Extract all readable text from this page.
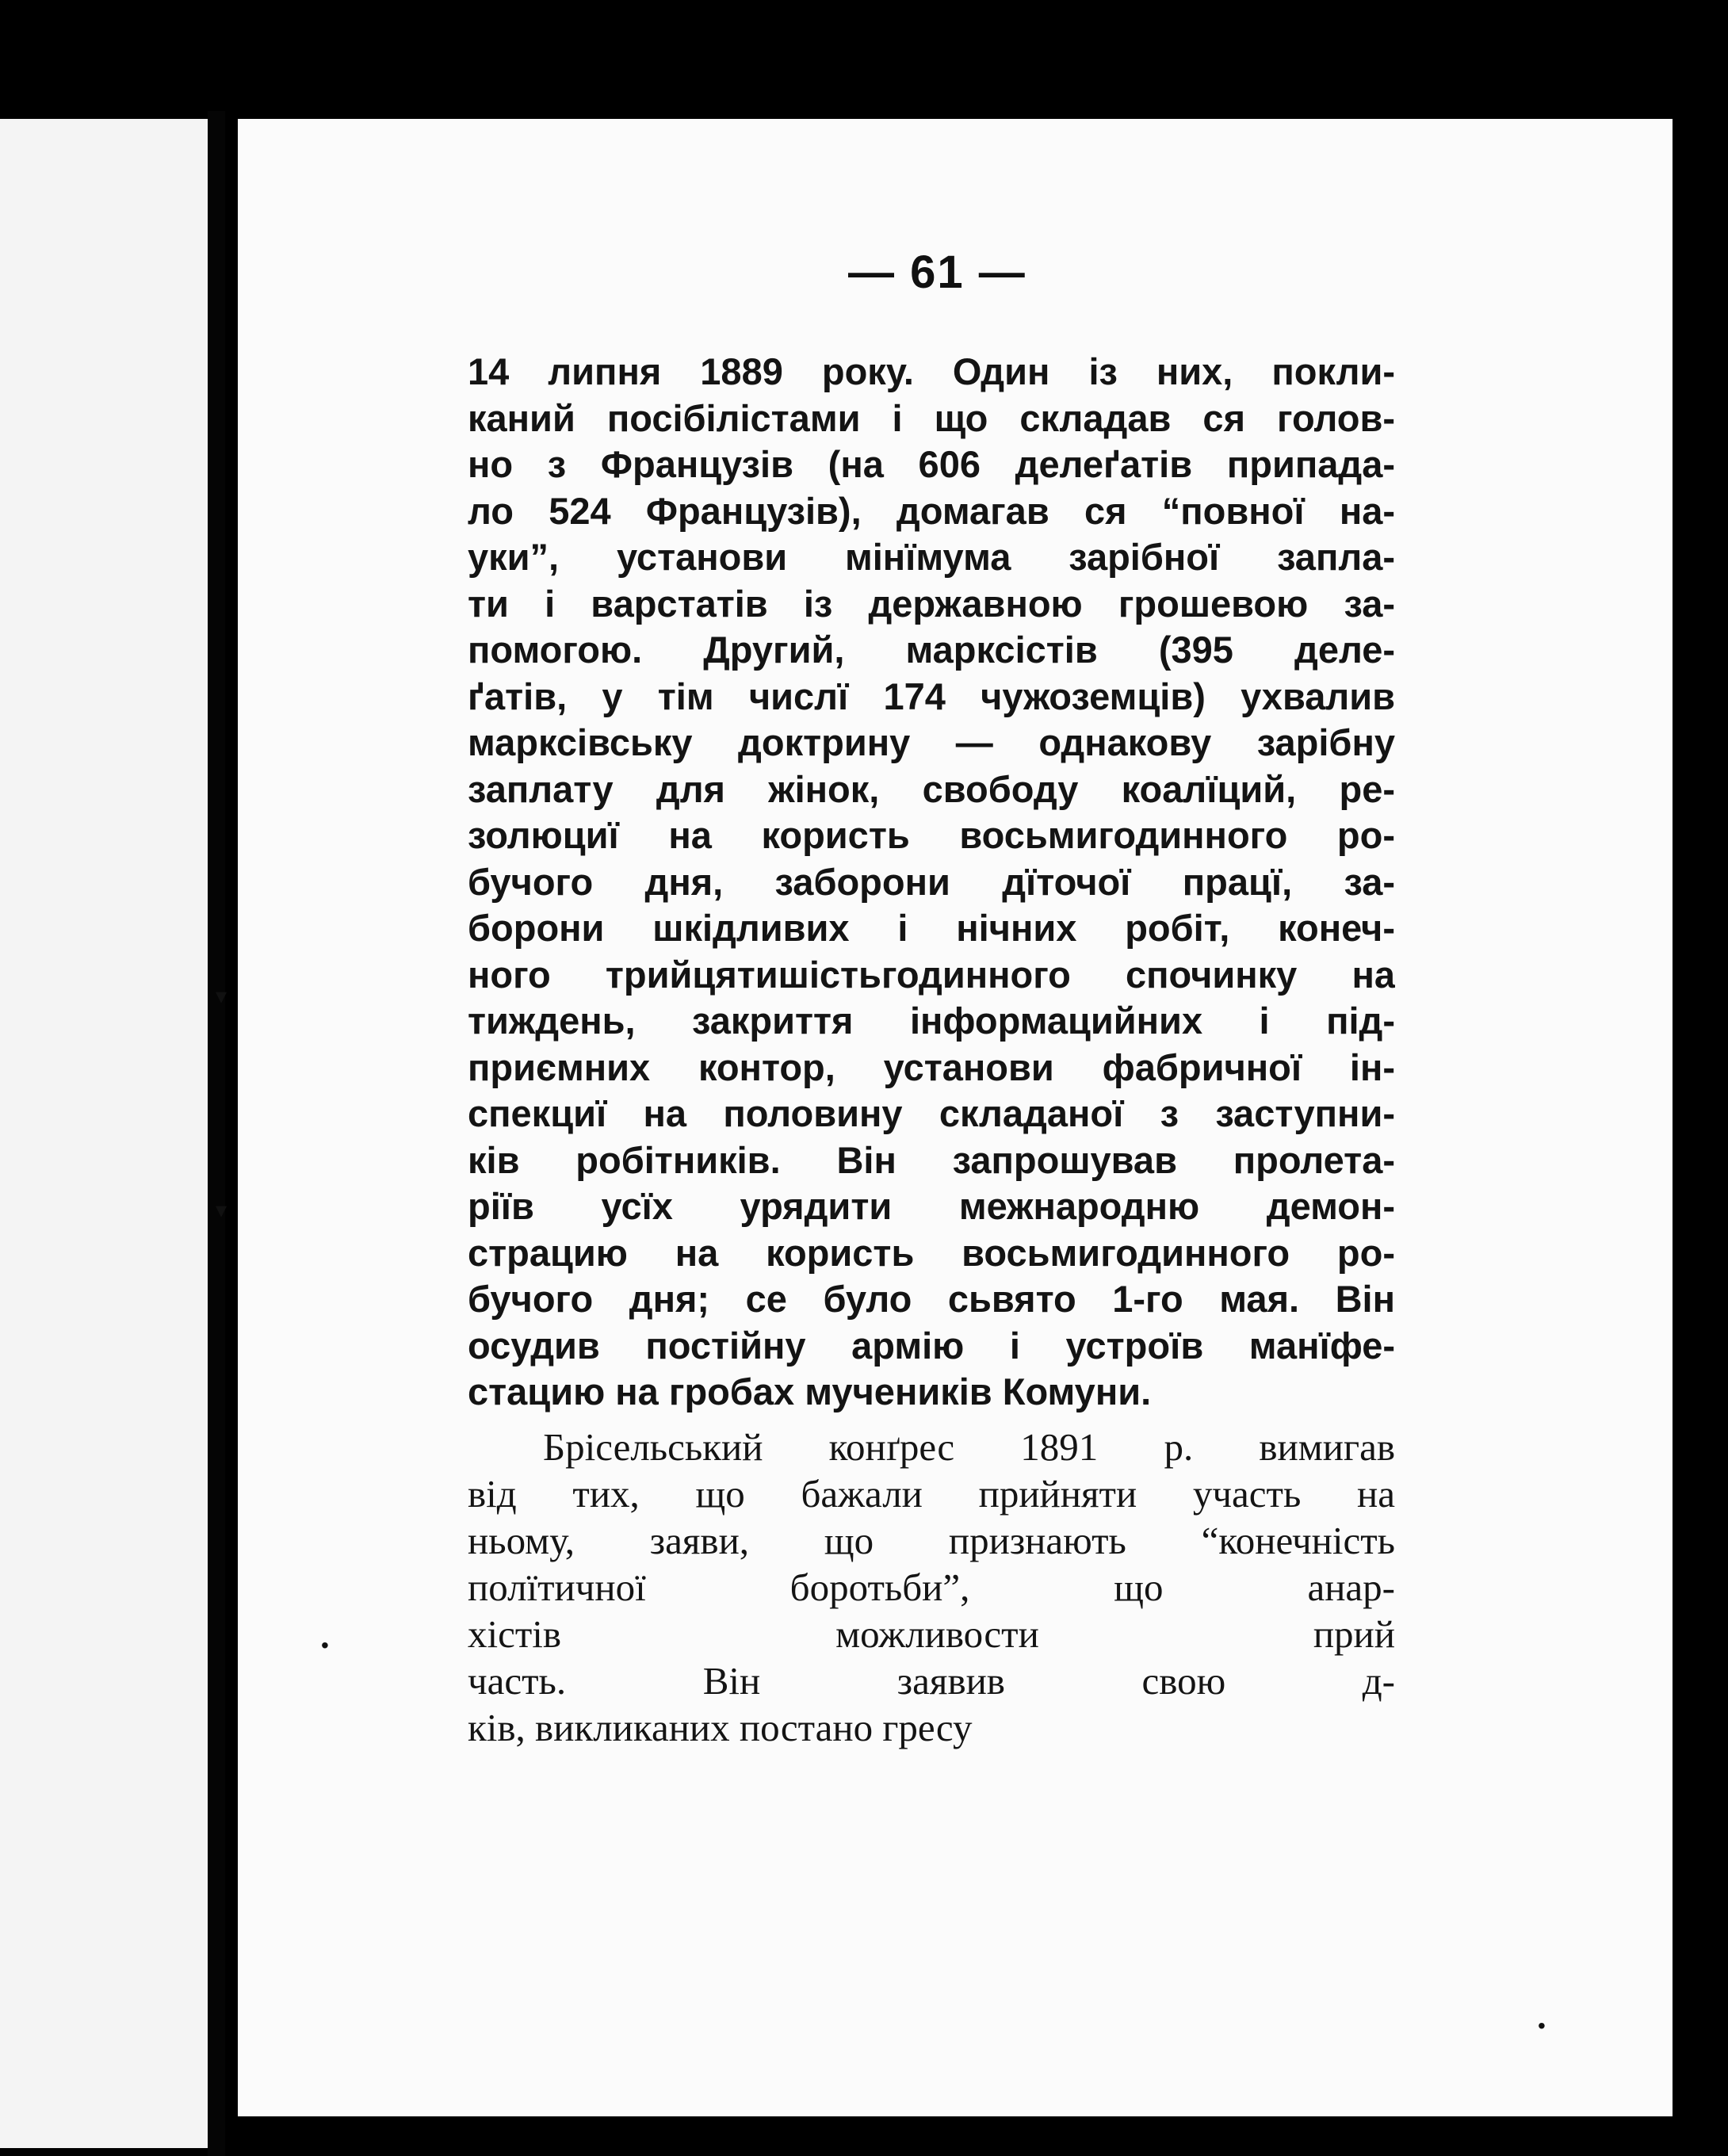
— 61 —
14 липня 1889 року. Один із них, покли-
каний посібілістами і що складав ся голов-
но з Французів (на 606 делеґатів припада-
ло 524 Французів), домагав ся “повної на-
уки”, установи мінїмума зарібної запла-
ти і варстатів із державною грошевою за-
помогою. Другий, марксістів (395 деле-
ґатів, у тім числї 174 чужоземців) ухвалив
марксівську доктрину — однакову зарібну
заплату для жінок, свободу коалїций, ре-
золюциї на користь восьмигодинного ро-
бучого дня, заборони дїточої працї, за-
борони шкідливих і нічних робіт, конеч-
ного трийцятишістьгодинного спочинку на
тиждень, закриття інформацийних і під-
приємних контор, установи фабричної ін-
спекциї на половину складаної з заступни-
ків робітників. Він запрошував пролета-
ріїв усїх урядити межнародню демон-
страцию на користь восьмигодинного ро-
бучого дня; се було сьвято 1-го мая. Він
осудив постійну армію і устроїв манїфе-
стацию на гробах мучеників Комуни.
Брісельський конґрес 1891 р. вимигав
від тих, що бажали прийняти участь на
ньому, заяви, що признають “конечність
полїтичної боротьби”, що анар-
хістів можливости прий
часть. Він заявив свою д-
ків, викликаних постано гресу
▾
▾
•
•
